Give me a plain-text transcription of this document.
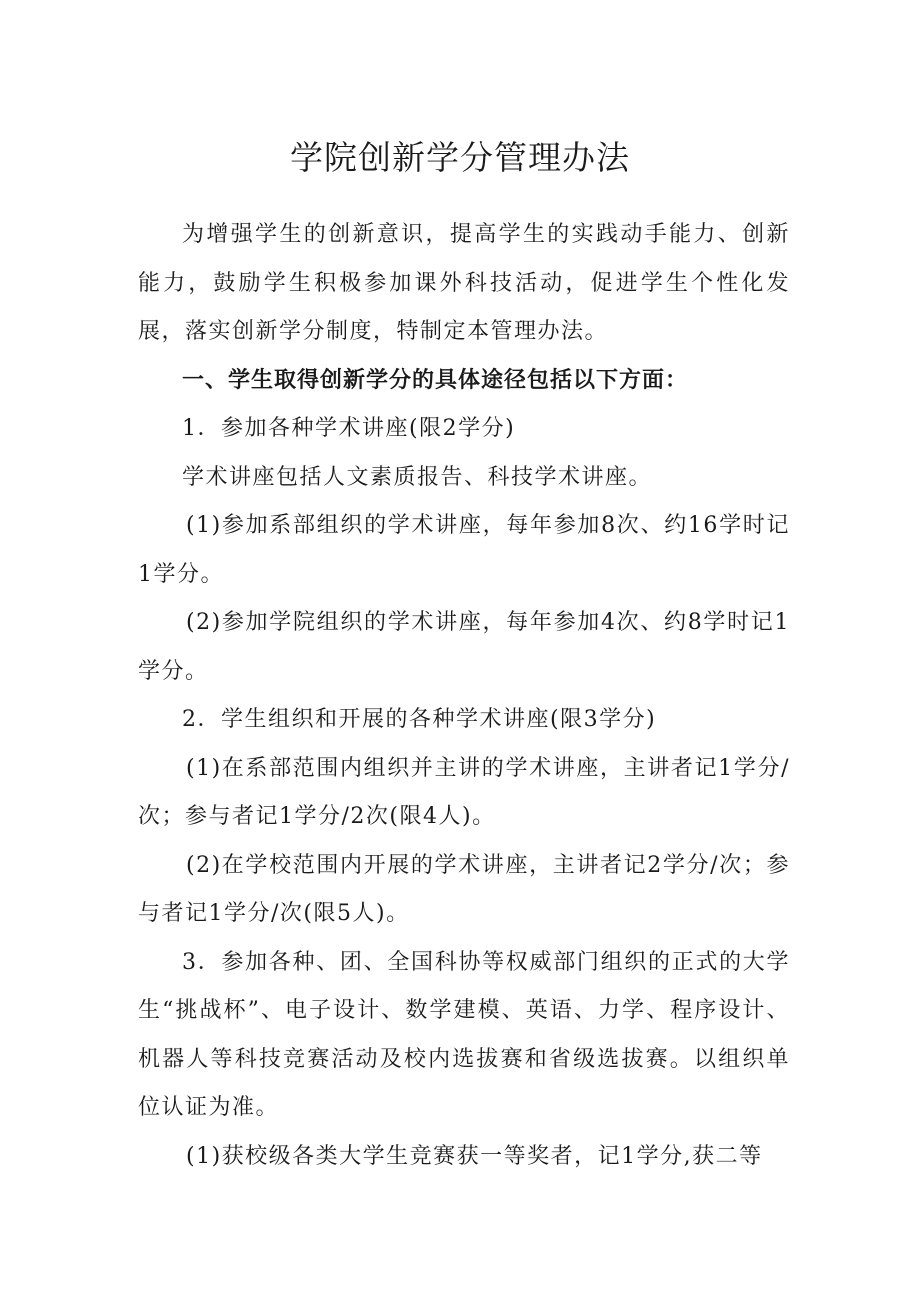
学院创新学分管理办法

为增强学生的创新意识，提高学生的实践动手能力、创新能力，鼓励学生积极参加课外科技活动，促进学生个性化发展，落实创新学分制度，特制定本管理办法。

一、学生取得创新学分的具体途径包括以下方面：

1．参加各种学术讲座(限2学分)

学术讲座包括人文素质报告、科技学术讲座。

(1)参加系部组织的学术讲座，每年参加8次、约16学时记1学分。

(2)参加学院组织的学术讲座，每年参加4次、约8学时记1学分。

2．学生组织和开展的各种学术讲座(限3学分)

(1)在系部范围内组织并主讲的学术讲座，主讲者记1学分/次；参与者记1学分/2次(限4人)。

(2)在学校范围内开展的学术讲座，主讲者记2学分/次；参与者记1学分/次(限5人)。

3．参加各种、团、全国科协等权威部门组织的正式的大学生“挑战杯”、电子设计、数学建模、英语、力学、程序设计、机器人等科技竞赛活动及校内选拔赛和省级选拔赛。以组织单位认证为准。

(1)获校级各类大学生竞赛获一等奖者，记1学分,获二等
